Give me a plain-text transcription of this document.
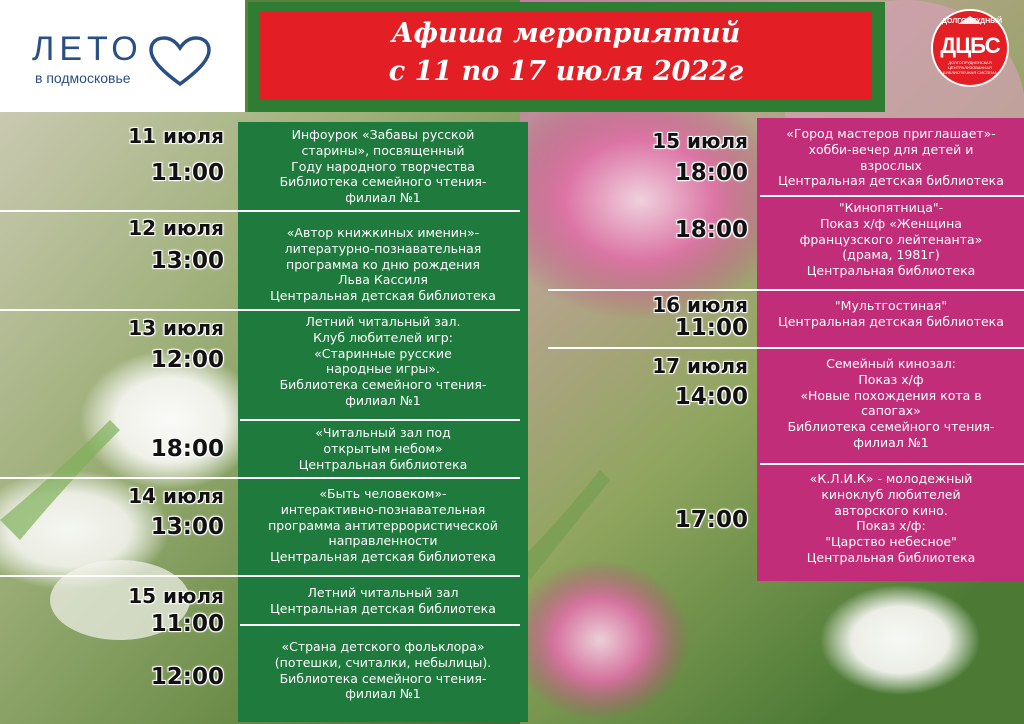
ЛЕТО
в подмосковье
Афиша мероприятий
с 11 по 17 июля 2022г
ДОЛГОПРУДНЫЙ
ДЦБС
ДОЛГОПРУДНЕНСКАЯ ЦЕНТРАЛИЗОВАННАЯ БИБЛИОТЕЧНАЯ СИСТЕМА
11 июля
11:00
12 июля
13:00
13 июля
12:00
18:00
14 июля
13:00
15 июля
11:00
12:00
Инфоурок «Забавы русской
старины», посвященный
Году народного творчества
Библиотека семейного чтения-
филиал №1
«Автор книжкиных именин»-
литературно-познавательная
программа ко дню рождения
Льва Кассиля
Центральная детская библиотека
Летний читальный зал.
Клуб любителей игр:
«Старинные русские
народные игры».
Библиотека семейного чтения-
филиал №1
«Читальный зал под
открытым небом»
Центральная библиотека
«Быть человеком»-
интерактивно-познавательная
программа антитеррористической
направленности
Центральная детская библиотека
Летний читальный зал
Центральная детская библиотека
«Страна детского фольклора»
(потешки, считалки, небылицы).
Библиотека семейного чтения-
филиал №1
15 июля
18:00
18:00
16 июля
11:00
17 июля
14:00
17:00
«Город мастеров приглашает»-
хобби-вечер для детей и
взрослых
Центральная детская библиотека
"Кинопятница"-
Показ х/ф «Женщина
французского лейтенанта»
(драма, 1981г)
Центральная библиотека
"Мультгостиная"
Центральная детская библиотека
Семейный кинозал:
Показ х/ф
«Новые похождения кота в
сапогах»
Библиотека семейного чтения-
филиал №1
«К.Л.И.К» - молодежный
киноклуб любителей
авторского кино.
Показ х/ф:
"Царство небесное"
Центральная библиотека
